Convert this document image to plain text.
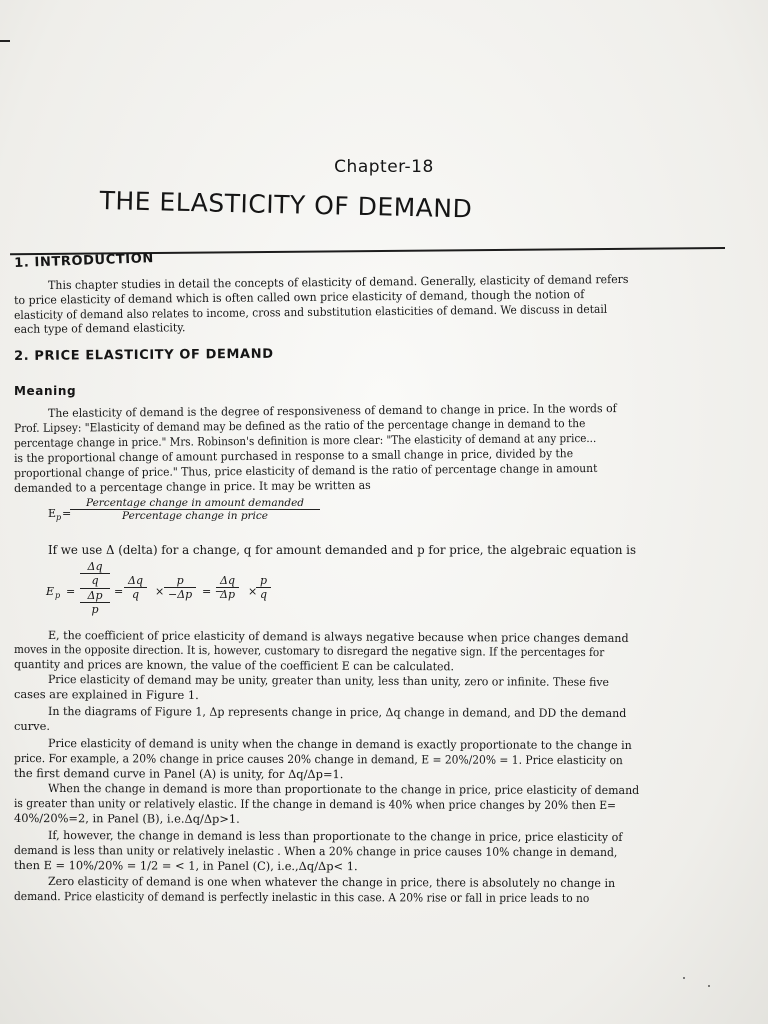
Chapter-18
THE ELASTICITY OF DEMAND
1. INTRODUCTION
This chapter studies in detail the concepts of elasticity of demand. Generally, elasticity of demand refers
to price elasticity of demand which is often called own price elasticity of demand, though the notion of
elasticity of demand also relates to income, cross and substitution elasticities of demand. We discuss in detail
each type of demand elasticity.
2. PRICE ELASTICITY OF DEMAND
Meaning
The elasticity of demand is the degree of responsiveness of demand to change in price. In the words of
Prof. Lipsey: "Elasticity of demand may be defined as the ratio of the percentage change in demand to the
percentage change in price." Mrs. Robinson's definition is more clear: "The elasticity of demand at any price...
is the proportional change of amount purchased in response to a small change in price, divided by the
proportional change of price." Thus, price elasticity of demand is the ratio of percentage change in amount
demanded to a percentage change in price. It may be written as
E p =
Percentage change in amount demanded
Percentage change in price
If we use Δ (delta) for a change, q for amount demanded and p for price, the algebraic equation is
E p =
Δq
q
Δp
p
= $\frac{\Delta q}{q} \times \frac{p}{-\Delta p}$ = −
$\frac{\Delta q}{\Delta p}$ ×
$\frac{p}{q}$
E, the coefficient of price elasticity of demand is always negative because when price changes demand
moves in the opposite direction. It is, however, customary to disregard the negative sign. If the percentages for
quantity and prices are known, the value of the coefficient E can be calculated.
Price elasticity of demand may be unity, greater than unity, less than unity, zero or infinite. These five
cases are explained in Figure 1.
In the diagrams of Figure 1, Δp represents change in price, Δq change in demand, and DD the demand
curve.
Price elasticity of demand is unity when the change in demand is exactly proportionate to the change in
price. For example, a 20% change in price causes 20% change in demand, E = 20%/20% = 1. Price elasticity on
the first demand curve in Panel (A) is unity, for Δq/Δp=1.
When the change in demand is more than proportionate to the change in price, price elasticity of demand
is greater than unity or relatively elastic. If the change in demand is 40% when price changes by 20% then E=
40%/20%=2, in Panel (B), i.e.Δq/Δp>1.
If, however, the change in demand is less than proportionate to the change in price, price elasticity of
demand is less than unity or relatively inelastic . When a 20% change in price causes 10% change in demand,
then E = 10%/20% = 1/2 = < 1, in Panel (C), i.e.,Δq/Δp< 1.
Zero elasticity of demand is one when whatever the change in price, there is absolutely no change in
demand. Price elasticity of demand is perfectly inelastic in this case. A 20% rise or fall in price leads to no
